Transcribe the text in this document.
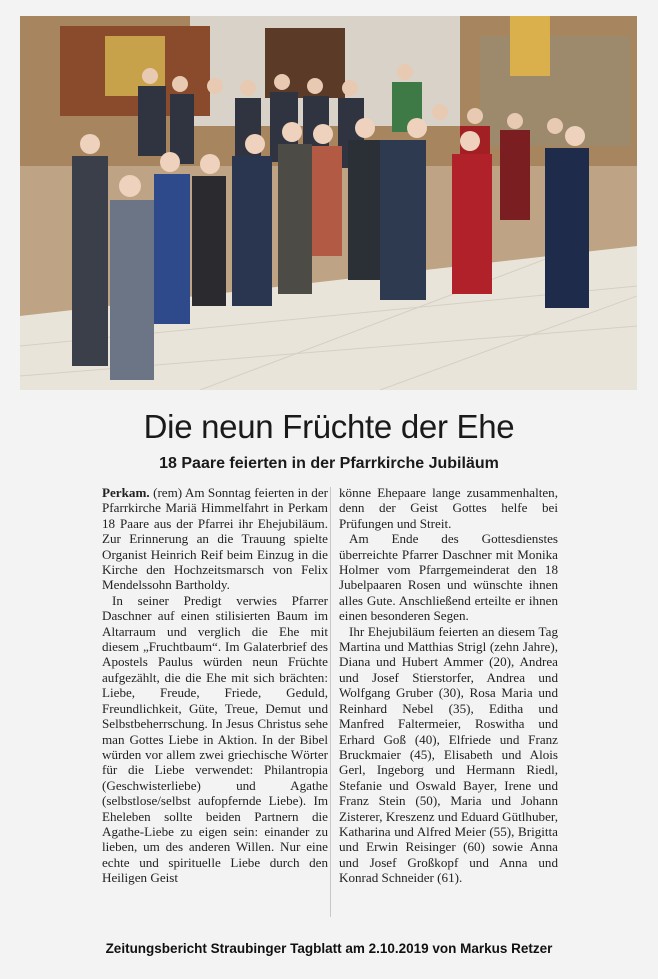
Die neun Früchte der Ehe
18 Paare feierten in der Pfarrkirche Jubiläum

Perkam. (rem) Am Sonntag feierten in der Pfarrkirche Mariä Himmelfahrt in Perkam 18 Paare aus der Pfarrei ihr Ehejubiläum. Zur Erinnerung an die Trauung spielte Organist Heinrich Reif beim Einzug in die Kirche den Hochzeitsmarsch von Felix Mendelssohn Bartholdy.

In seiner Predigt verwies Pfarrer Daschner auf einen stilisierten Baum im Altarraum und verglich die Ehe mit diesem „Fruchtbaum“. Im Galaterbrief des Apostels Paulus würden neun Früchte aufgezählt, die die Ehe mit sich brächten: Liebe, Freude, Friede, Geduld, Freundlichkeit, Güte, Treue, Demut und Selbstbeherrschung. In Jesus Christus sehe man Gottes Liebe in Aktion. In der Bibel würden vor allem zwei griechische Wörter für die Liebe verwendet: Philantropia (Geschwisterliebe) und Agathe (selbstlose/selbst aufopfernde Liebe). Im Eheleben sollte beiden Partnern die Agathe-Liebe zu eigen sein: einander zu lieben, um des anderen Willen. Nur eine echte und spirituelle Liebe durch den Heiligen Geist

könne Ehepaare lange zusammenhalten, denn der Geist Gottes helfe bei Prüfungen und Streit.

Am Ende des Gottesdienstes überreichte Pfarrer Daschner mit Monika Holmer vom Pfarrgemeinderat den 18 Jubelpaaren Rosen und wünschte ihnen alles Gute. Anschließend erteilte er ihnen einen besonderen Segen.

Ihr Ehejubiläum feierten an diesem Tag Martina und Matthias Strigl (zehn Jahre), Diana und Hubert Ammer (20), Andrea und Josef Stierstorfer, Andrea und Wolfgang Gruber (30), Rosa Maria und Reinhard Nebel (35), Editha und Manfred Faltermeier, Roswitha und Erhard Goß (40), Elfriede und Franz Bruckmaier (45), Elisabeth und Alois Gerl, Ingeborg und Hermann Riedl, Stefanie und Oswald Bayer, Irene und Franz Stein (50), Maria und Johann Zisterer, Kreszenz und Eduard Gütlhuber, Katharina und Alfred Meier (55), Brigitta und Erwin Reisinger (60) sowie Anna und Josef Großkopf und Anna und Konrad Schneider (61).

Zeitungsbericht Straubinger Tagblatt am 2.10.2019 von Markus Retzer
